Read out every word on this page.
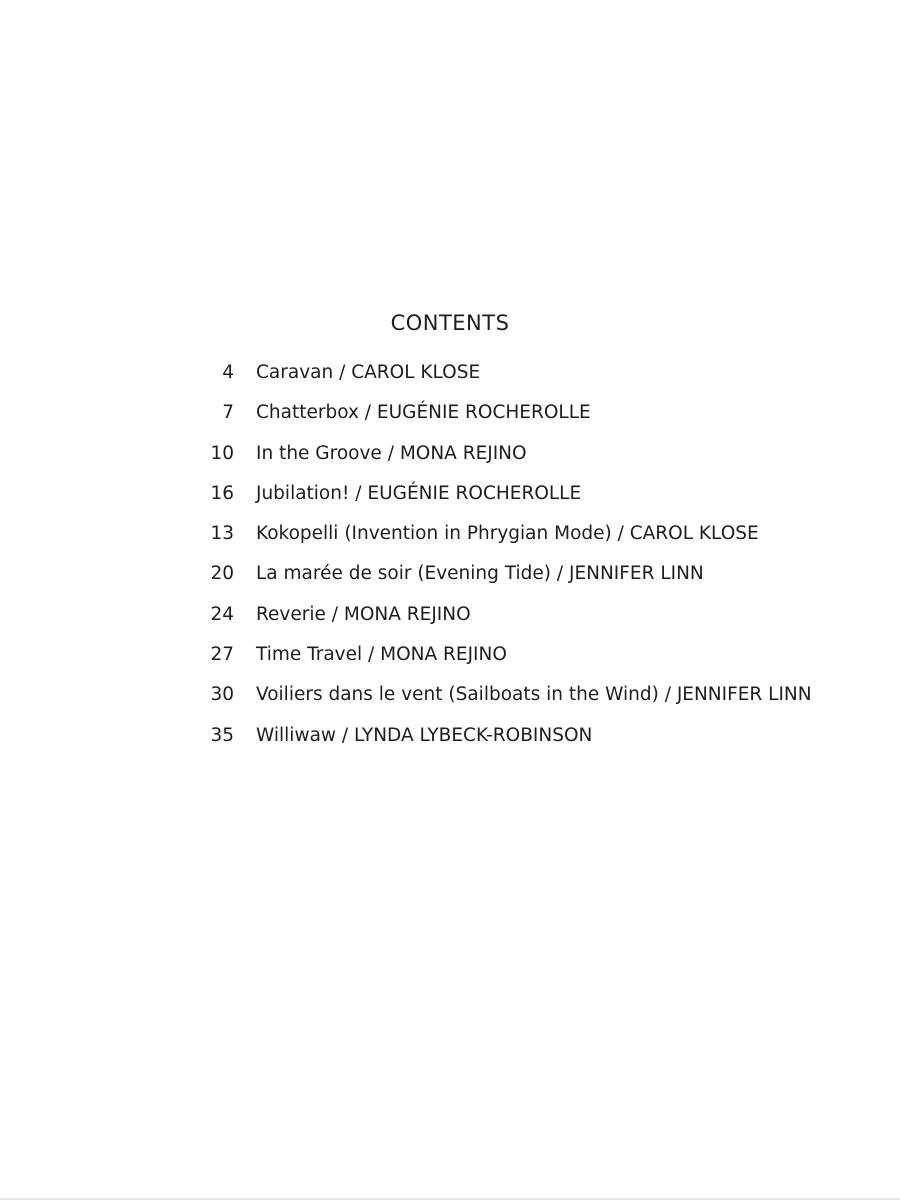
CONTENTS
4 Caravan / CAROL KLOSE
7 Chatterbox / EUGÉNIE ROCHEROLLE
10 In the Groove / MONA REJINO
16 Jubilation! / EUGÉNIE ROCHEROLLE
13 Kokopelli (Invention in Phrygian Mode) / CAROL KLOSE
20 La marée de soir (Evening Tide) / JENNIFER LINN
24 Reverie / MONA REJINO
27 Time Travel / MONA REJINO
30 Voiliers dans le vent (Sailboats in the Wind) / JENNIFER LINN
35 Williwaw / LYNDA LYBECK-ROBINSON
